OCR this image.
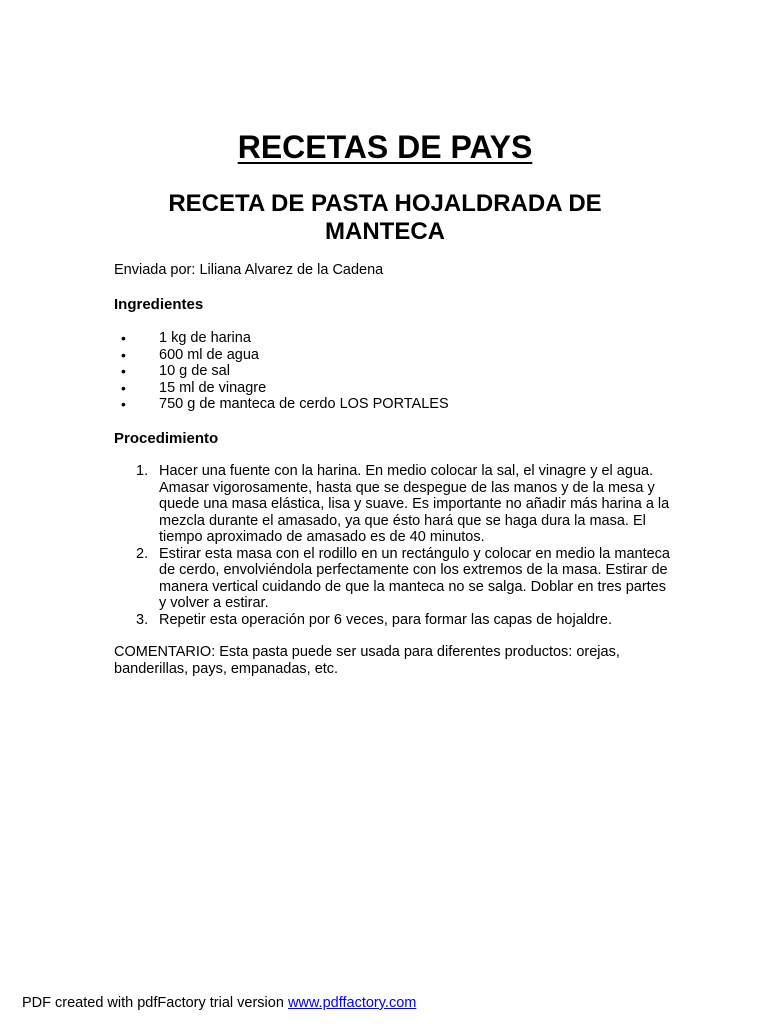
RECETAS DE PAYS
RECETA DE PASTA HOJALDRADA DE MANTECA

Enviada por: Liliana Alvarez de la Cadena

Ingredientes
• 1 kg de harina
• 600 ml de agua
• 10 g de sal
• 15 ml de vinagre
• 750 g de manteca de cerdo LOS PORTALES
Procedimiento
1. Hacer una fuente con la harina. En medio colocar la sal, el vinagre y el agua. Amasar vigorosamente, hasta que se despegue de las manos y de la mesa y quede una masa elástica, lisa y suave. Es importante no añadir más harina a la mezcla durante el amasado, ya que ésto hará que se haga dura la masa. El tiempo aproximado de amasado es de 40 minutos.
2. Estirar esta masa con el rodillo en un rectángulo y colocar en medio la manteca de cerdo, envolviéndola perfectamente con los extremos de la masa. Estirar de manera vertical cuidando de que la manteca no se salga. Doblar en tres partes y volver a estirar.
3. Repetir esta operación por 6 veces, para formar las capas de hojaldre.

COMENTARIO: Esta pasta puede ser usada para diferentes productos: orejas, banderillas, pays, empanadas, etc.

PDF created with pdfFactory trial version www.pdffactory.com
